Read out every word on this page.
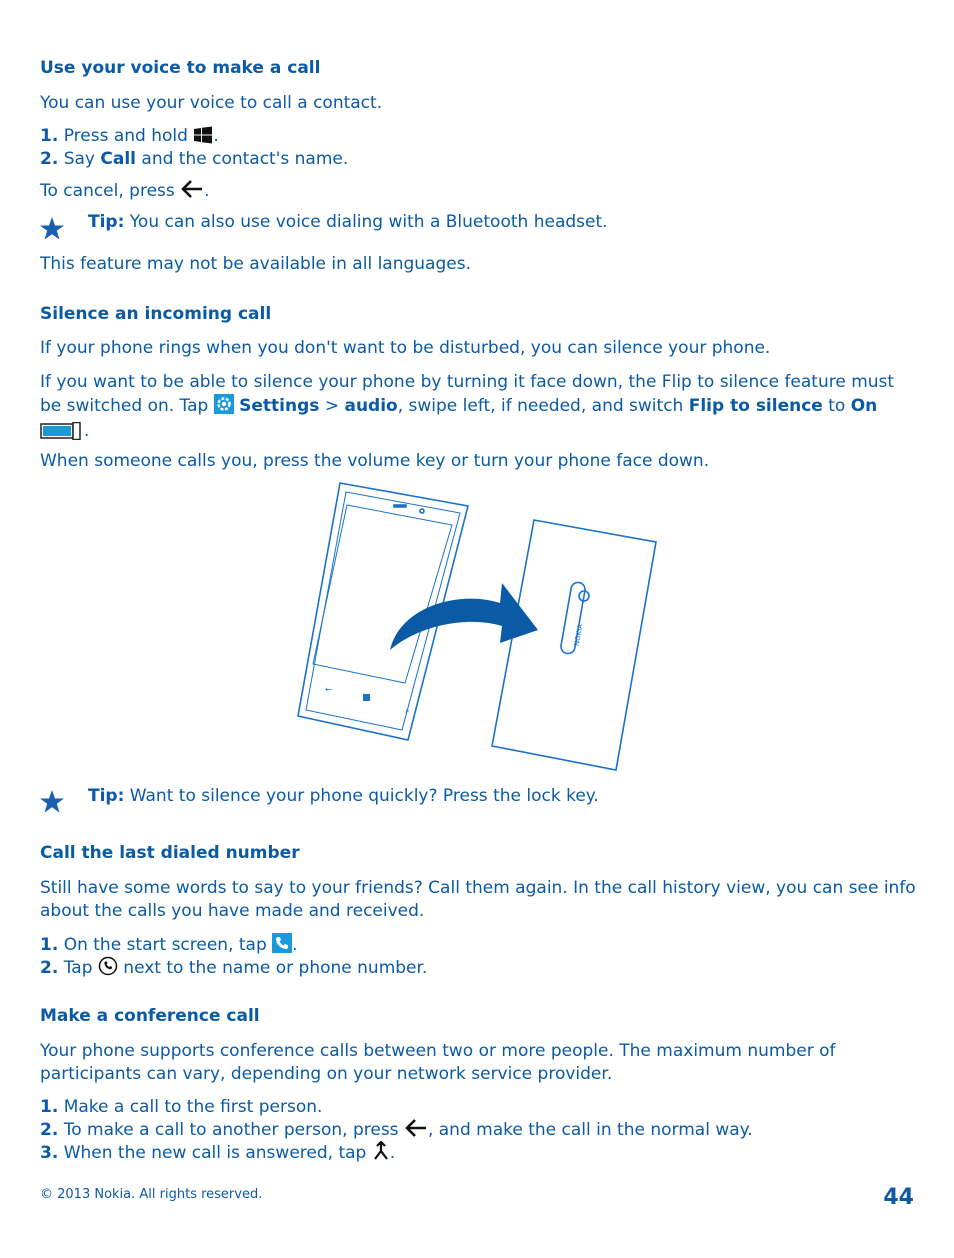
Use your voice to make a call
You can use your voice to call a contact.
1. Press and hold .
2. Say Call and the contact's name.
To cancel, press .
Tip: You can also use voice dialing with a Bluetooth headset.
This feature may not be available in all languages.
Silence an incoming call
If your phone rings when you don't want to be disturbed, you can silence your phone.
If you want to be able to silence your phone by turning it face down, the Flip to silence feature must be switched on. Tap Settings > audio, swipe left, if needed, and switch Flip to silence to On
.
When someone calls you, press the volume key or turn your phone face down.
←
⌕
NOKIA
Tip: Want to silence your phone quickly? Press the lock key.
Call the last dialed number
Still have some words to say to your friends? Call them again. In the call history view, you can see info about the calls you have made and received.
1. On the start screen, tap .
2. Tap next to the name or phone number.
Make a conference call
Your phone supports conference calls between two or more people. The maximum number of participants can vary, depending on your network service provider.
1. Make a call to the first person.
2. To make a call to another person, press , and make the call in the normal way.
3. When the new call is answered, tap .
© 2013 Nokia. All rights reserved.	44
